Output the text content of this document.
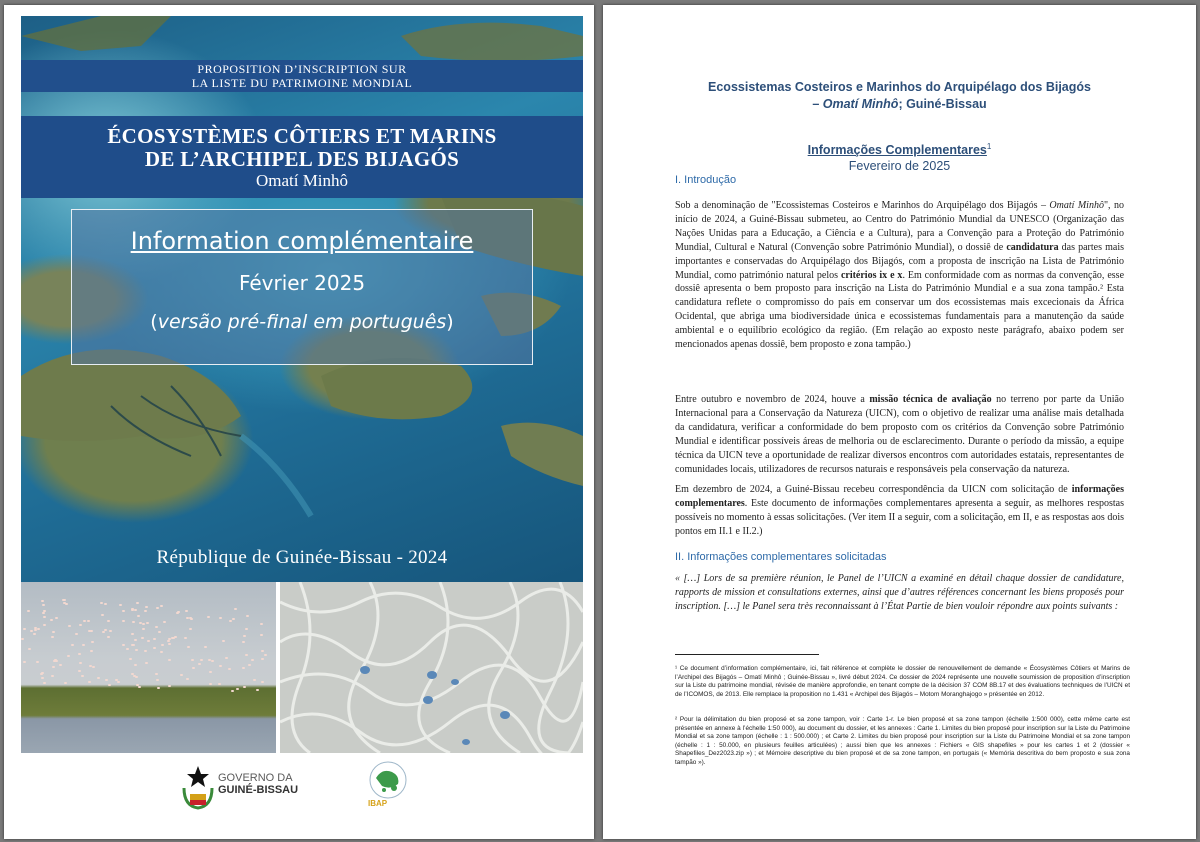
PROPOSITION D’INSCRIPTION SUR
LA LISTE DU PATRIMOINE MONDIAL
ÉCOSYSTÈMES CÔTIERS ET MARINS
DE L’ARCHIPEL DES BIJAGÓS
Omatí Minhô
Information complémentaire
Février 2025
(versão pré-final em português)
République de Guinée-Bissau - 2024
GOVERNO DA
GUINÉ-BISSAU
IBAP
Ecossistemas Costeiros e Marinhos do Arquipélago dos Bijagós
– Omatí Minhô; Guiné-Bissau
Informações Complementares$^1$
Fevereiro de 2025
I. Introdução
Sob a denominação de "Ecossistemas Costeiros e Marinhos do Arquipélago dos Bijagós – Omatí Minhô", no início de 2024, a Guiné-Bissau submeteu, ao Centro do Património Mundial da UNESCO (Organização das Nações Unidas para a Educação, a Ciência e a Cultura), para a Convenção para a Proteção do Património Mundial, Cultural e Natural (Convenção sobre Património Mundial), o dossiê de candidatura das partes mais importantes e conservadas do Arquipélago dos Bijagós, com a proposta de inscrição na Lista de Património Mundial, como património natural pelos critérios ix e x. Em conformidade com as normas da convenção, esse dossiê apresenta o bem proposto para inscrição na Lista do Património Mundial e a sua zona tampão.² Esta candidatura reflete o compromisso do país em conservar um dos ecossistemas mais excecionais da África Ocidental, que abriga uma biodiversidade única e ecossistemas fundamentais para a manutenção da saúde ambiental e o equilíbrio ecológico da região. (Em relação ao exposto neste parágrafo, abaixo podem ser mencionados apenas dossiê, bem proposto e zona tampão.)
Entre outubro e novembro de 2024, houve a missão técnica de avaliação no terreno por parte da União Internacional para a Conservação da Natureza (UICN), com o objetivo de realizar uma análise mais detalhada da candidatura, verificar a conformidade do bem proposto com os critérios da Convenção sobre Património Mundial e identificar possíveis áreas de melhoria ou de esclarecimento. Durante o período da missão, a equipe técnica da UICN teve a oportunidade de realizar diversos encontros com autoridades estatais, representantes de comunidades locais, utilizadores de recursos naturais e responsáveis pela conservação da natureza.
Em dezembro de 2024, a Guiné-Bissau recebeu correspondência da UICN com solicitação de informações complementares. Este documento de informações complementares apresenta a seguir, as melhores respostas possíveis no momento à essas solicitações. (Ver item II a seguir, com a solicitação, em II, e as respostas aos dois pontos em II.1 e II.2.)
II. Informações complementares solicitadas
« […] Lors de sa première réunion, le Panel de l’UICN a examiné en détail chaque dossier de candidature, rapports de mission et consultations externes, ainsi que d’autres références concernant les biens proposés pour inscription. […] le Panel sera très reconnaissant à l’État Partie de bien vouloir répondre aux points suivants :
¹ Ce document d’information complémentaire, ici, fait référence et complète le dossier de renouvellement de demande « Écosystèmes Côtiers et Marins de l’Archipel des Bijagós – Omatí Minhô ; Guinée-Bissau », livré début 2024. Ce dossier de 2024 représente une nouvelle soumission de proposition d’inscription sur la Liste du patrimoine mondial, révisée de manière approfondie, en tenant compte de la décision 37 COM 8B.17 et des évaluations techniques de l’UICN et de l’ICOMOS, de 2013. Elle remplace la proposition no 1.431 « Archipel des Bijagós – Motom Moranghajogo » présentée en 2012.
² Pour la délimitation du bien proposé et sa zone tampon, voir : Carte 1-r. Le bien proposé et sa zone tampon (échelle 1:500 000), cette même carte est présentée en annexe à l’échelle 1:50 000), au document du dossier, et les annexes : Carte 1. Limites du bien proposé pour inscription sur la Liste du Patrimoine Mondial et sa zone tampon (échelle : 1 : 500.000) ; et Carte 2. Limites du bien proposé pour inscription sur la Liste du Patrimoine Mondial et sa zone tampon (échelle : 1 : 50.000, en plusieurs feuilles articulées) ; aussi bien que les annexes : Fichiers « GIS shapefiles » pour les cartes 1 et 2 (dossier « Shapefiles_Dez2023.zip ») ; et Mémoire descriptive du bien proposé et de sa zone tampon, en portugais (« Memória descritiva do bem proposto e sua zona tampão »).
